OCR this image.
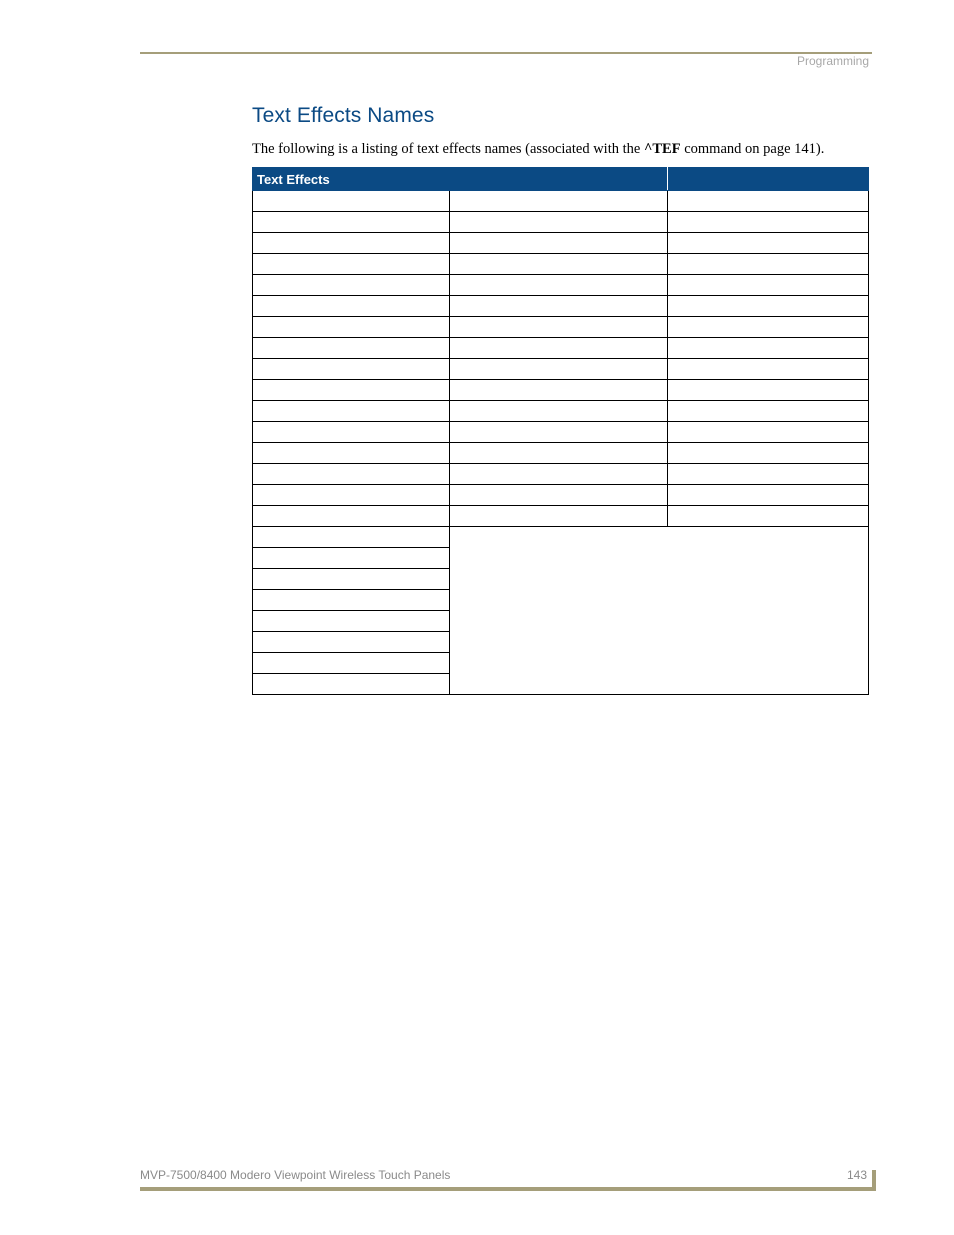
Programming
Text Effects Names
The following is a listing of text effects names (associated with the ^TEF command on page 141).
Text Effects		

MVP-7500/8400 Modero Viewpoint Wireless Touch Panels	143
